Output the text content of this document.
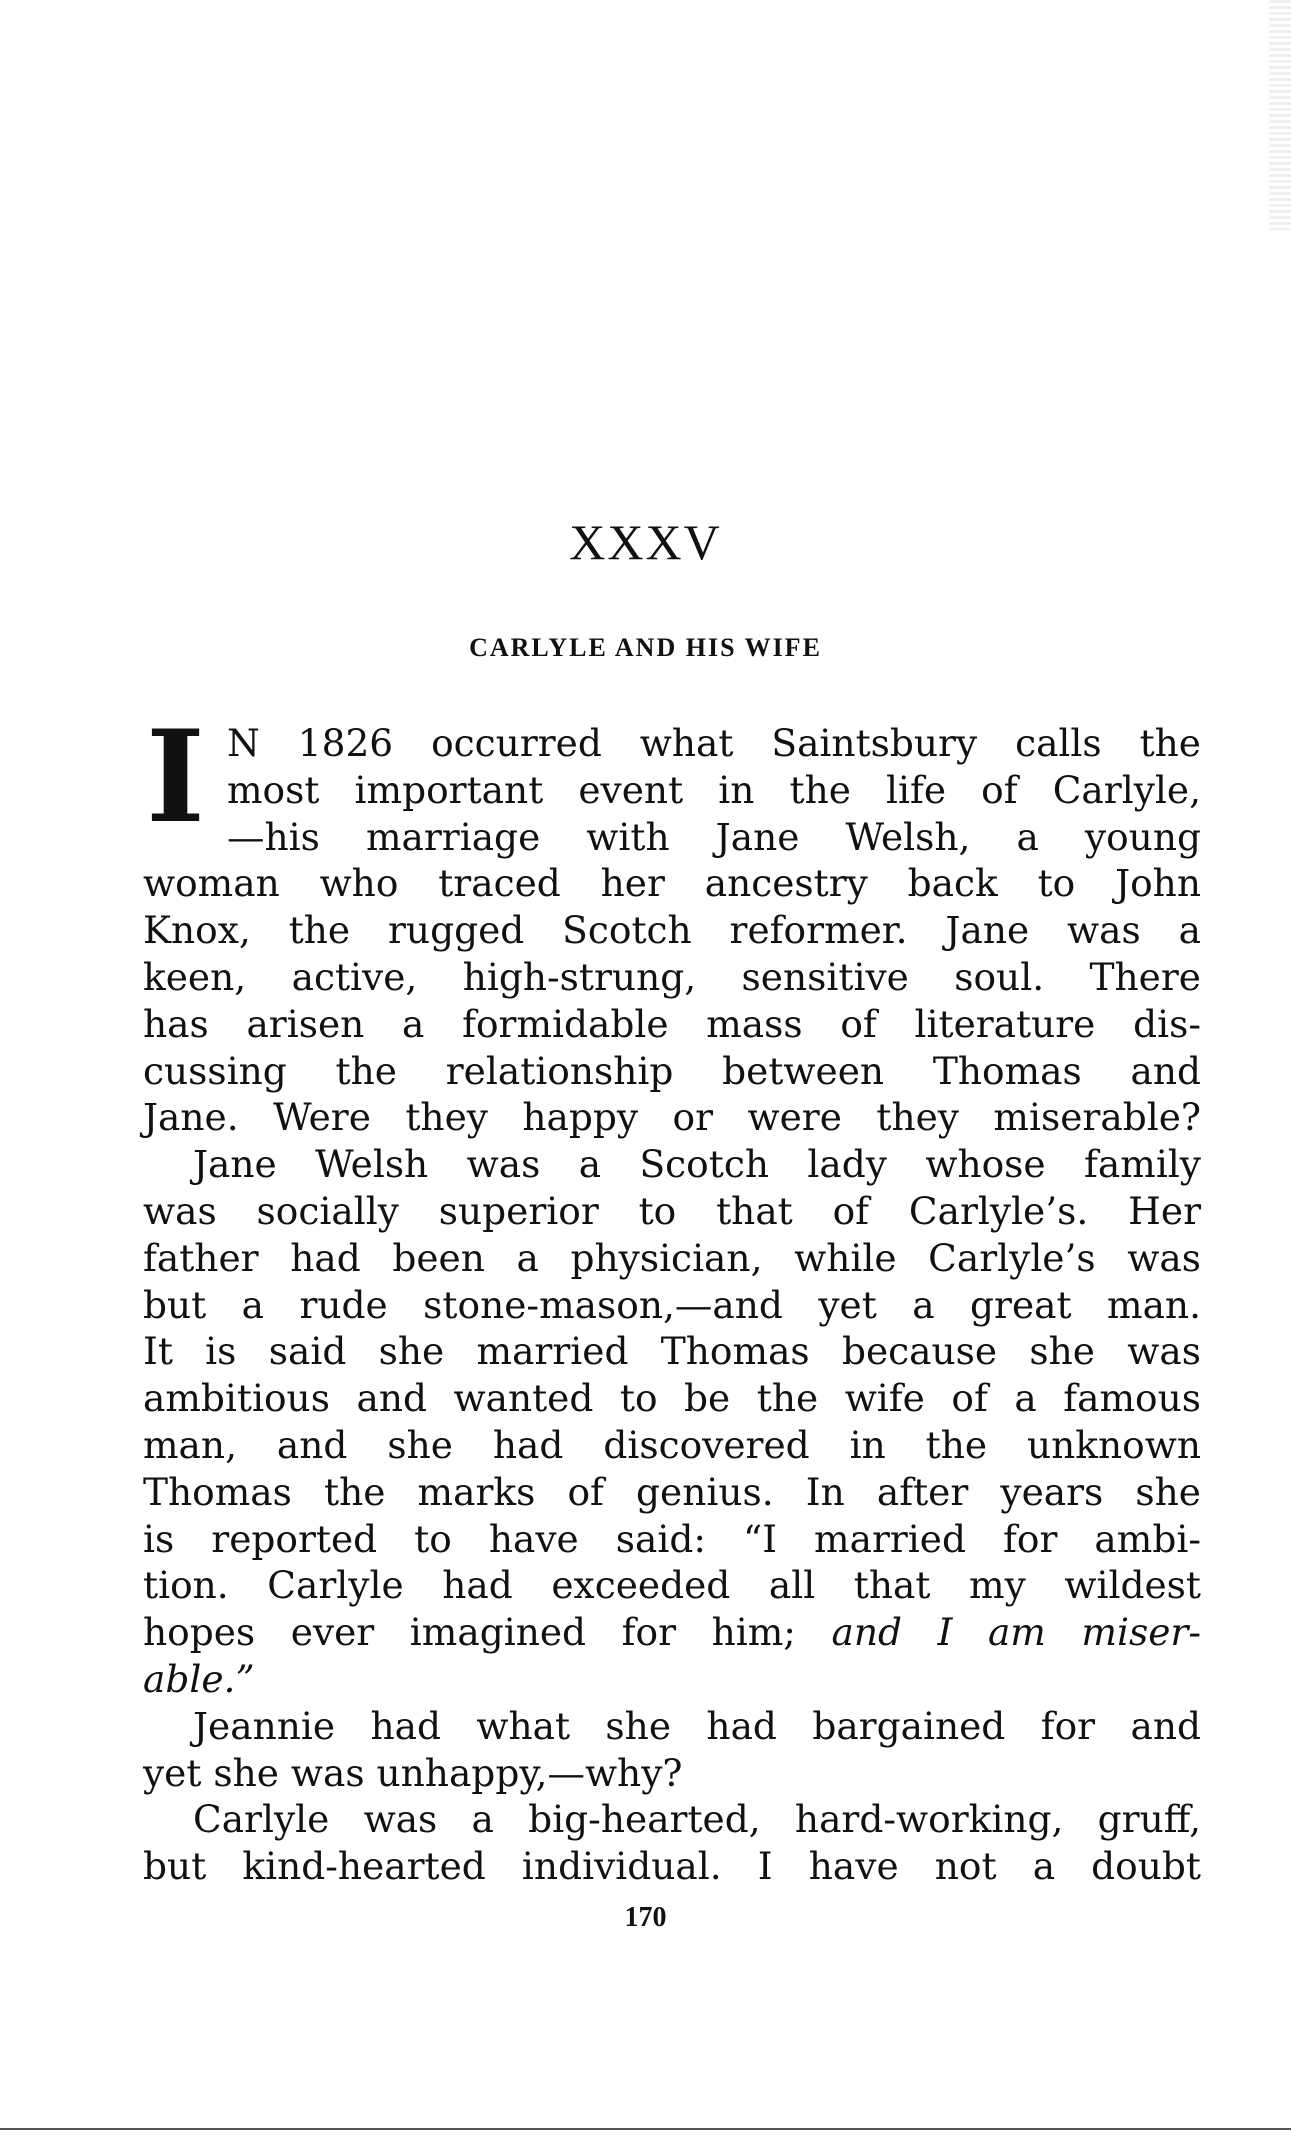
XXXV
CARLYLE AND HIS WIFE
I N 1826 occurred what Saintsbury calls the
most important event in the life of Carlyle,
—his marriage with Jane Welsh, a young
woman who traced her ancestry back to John
Knox, the rugged Scotch reformer. Jane was a
keen, active, high-strung, sensitive soul. There
has arisen a formidable mass of literature dis-
cussing the relationship between Thomas and
Jane. Were they happy or were they miserable?
Jane Welsh was a Scotch lady whose family
was socially superior to that of Carlyle’s. Her
father had been a physician, while Carlyle’s was
but a rude stone-mason,—and yet a great man.
It is said she married Thomas because she was
ambitious and wanted to be the wife of a famous
man, and she had discovered in the unknown
Thomas the marks of genius. In after years she
is reported to have said: “I married for ambi-
tion. Carlyle had exceeded all that my wildest
hopes ever imagined for him; and I am miser-
able.”
Jeannie had what she had bargained for and
yet she was unhappy,—why?
Carlyle was a big-hearted, hard-working, gruff,
but kind-hearted individual. I have not a doubt
170
